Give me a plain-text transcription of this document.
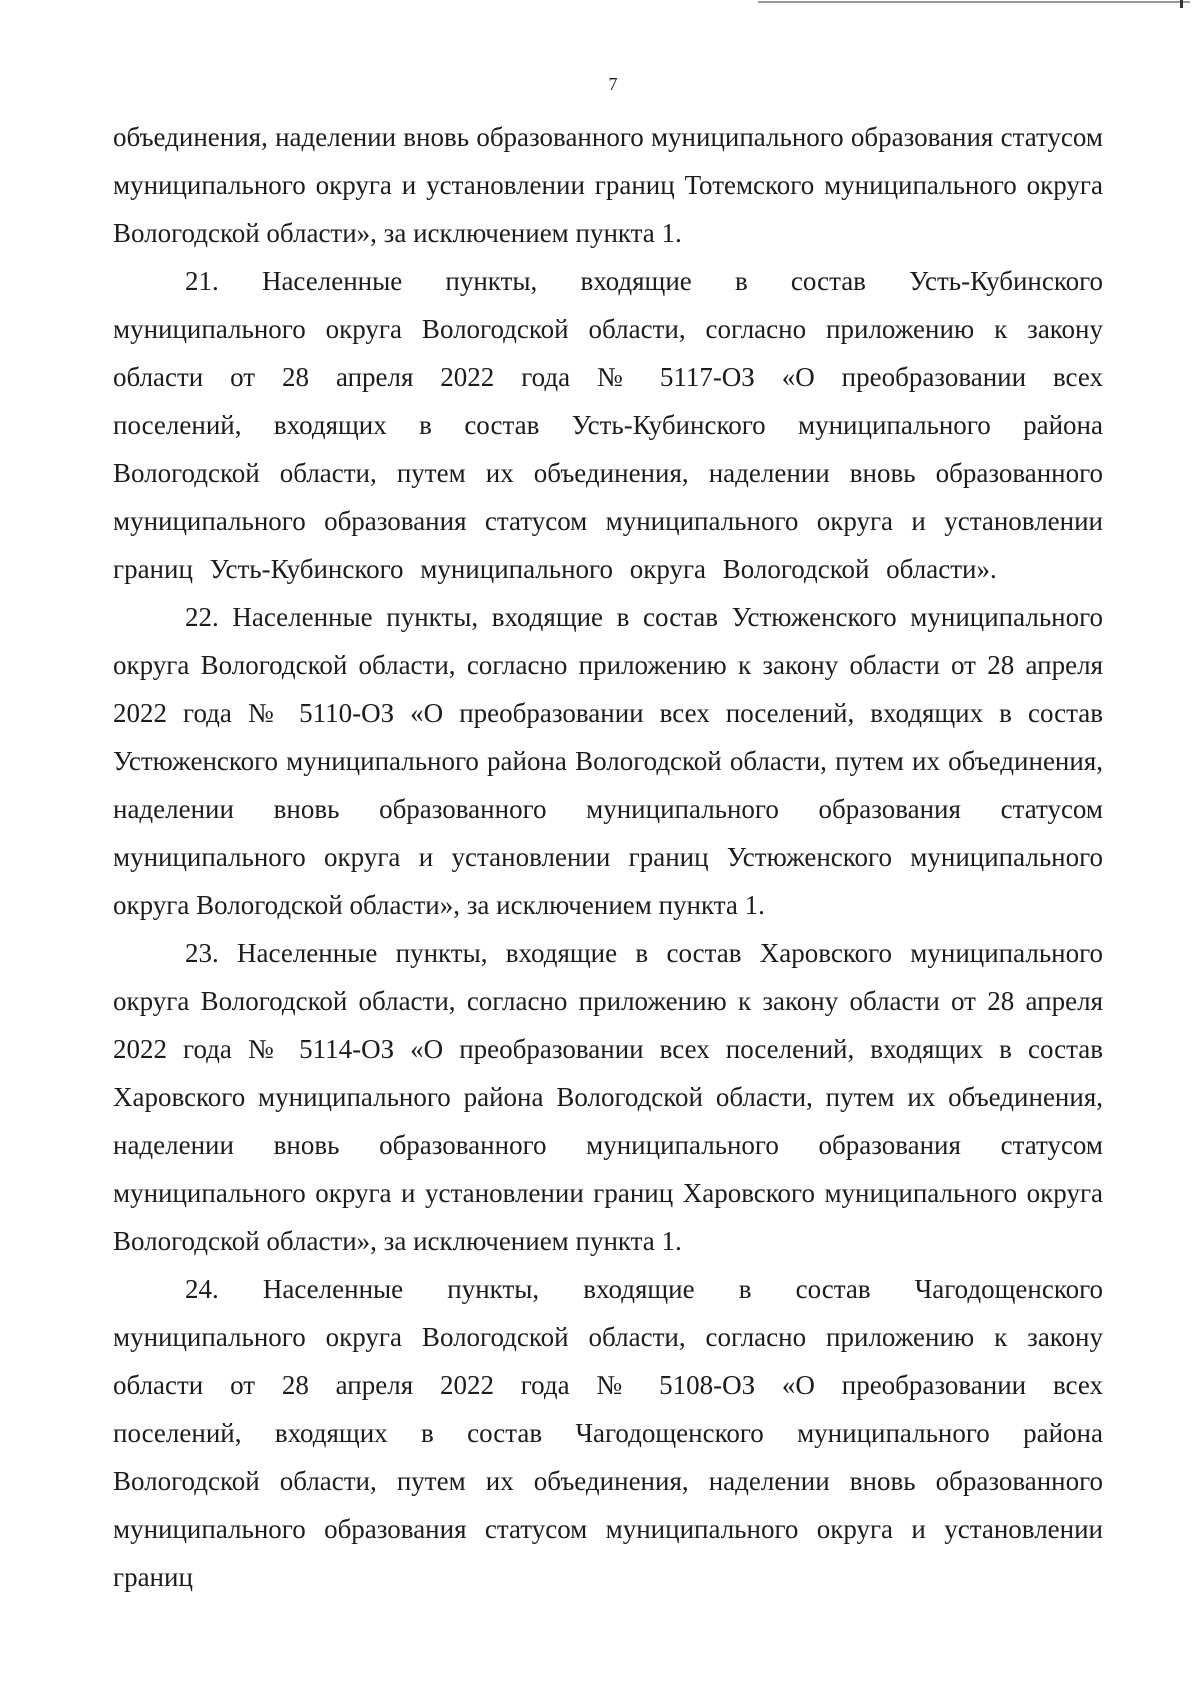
7

объединения, наделении вновь образованного муниципального образования статусом муниципального округа и установлении границ Тотемского муниципального округа Вологодской области», за исключением пункта 1.

21. Населенные пункты, входящие в состав Усть-Кубинского муниципального округа Вологодской области, согласно приложению к закону области от 28 апреля 2022 года № 5117-ОЗ «О преобразовании всех поселений, входящих в состав Усть-Кубинского муниципального района Вологодской области, путем их объединения, наделении вновь образованного муниципального образования статусом муниципального округа и установлении границ Усть-Кубинского муниципального округа Вологодской области».

22. Населенные пункты, входящие в состав Устюженского муниципального округа Вологодской области, согласно приложению к закону области от 28 апреля 2022 года № 5110-ОЗ «О преобразовании всех поселений, входящих в состав Устюженского муниципального района Вологодской области, путем их объединения, наделении вновь образованного муниципального образования статусом муниципального округа и установлении границ Устюженского муниципального округа Вологодской области», за исключением пункта 1.

23. Населенные пункты, входящие в состав Харовского муниципального округа Вологодской области, согласно приложению к закону области от 28 апреля 2022 года № 5114-ОЗ «О преобразовании всех поселений, входящих в состав Харовского муниципального района Вологодской области, путем их объединения, наделении вновь образованного муниципального образования статусом муниципального округа и установлении границ Харовского муниципального округа Вологодской области», за исключением пункта 1.

24. Населенные пункты, входящие в состав Чагодощенского муниципального округа Вологодской области, согласно приложению к закону области от 28 апреля 2022 года № 5108-ОЗ «О преобразовании всех поселений, входящих в состав Чагодощенского муниципального района Вологодской области, путем их объединения, наделении вновь образованного муниципального образования статусом муниципального округа и установлении границ
